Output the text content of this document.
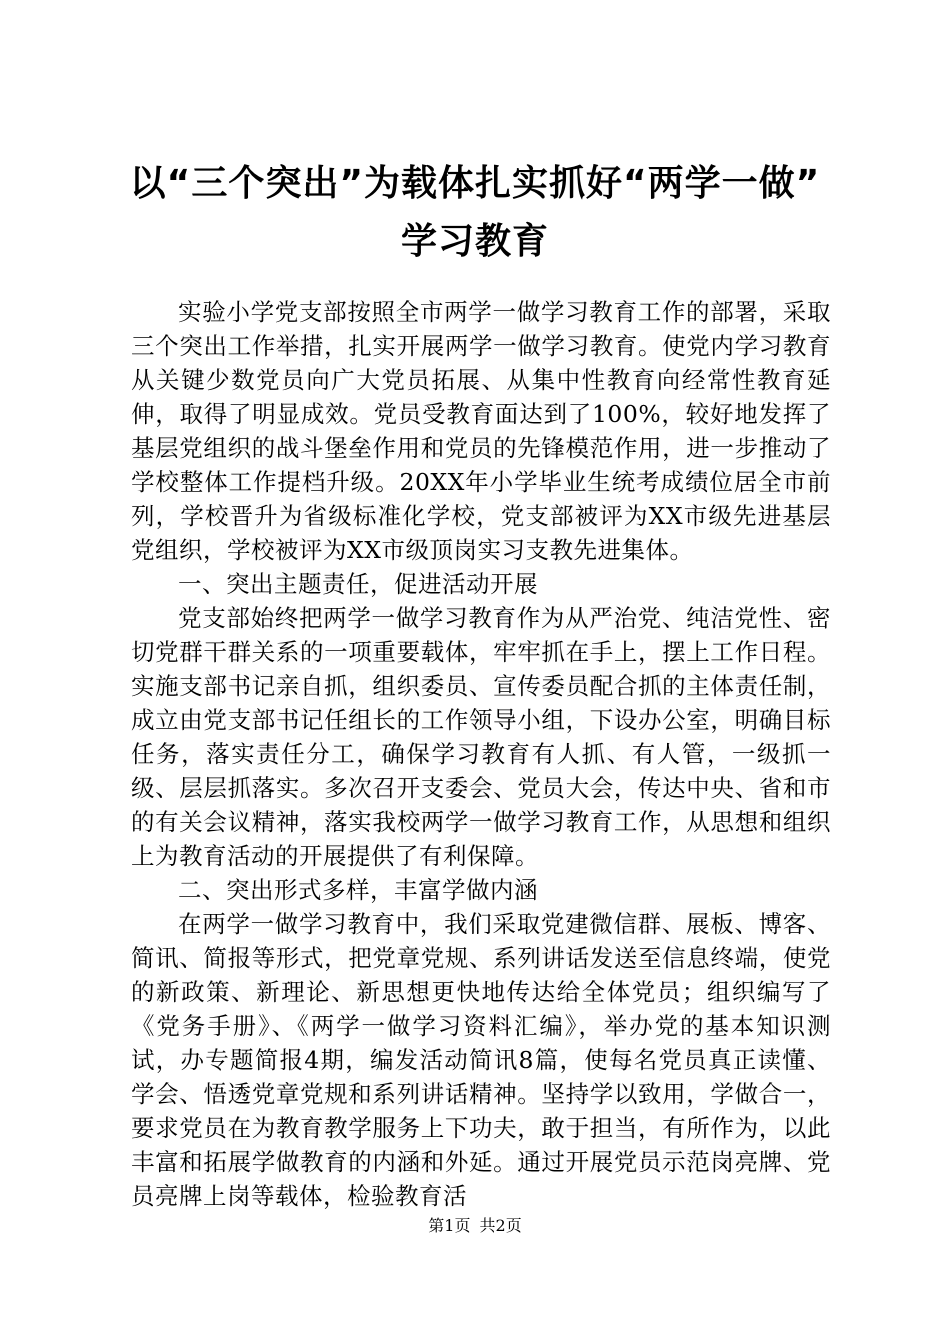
以“三个突出”为载体扎实抓好“两学一做”
学习教育

实验小学党支部按照全市两学一做学习教育工作的部署，采取三个突出工作举措，扎实开展两学一做学习教育。使党内学习教育从关键少数党员向广大党员拓展、从集中性教育向经常性教育延伸，取得了明显成效。党员受教育面达到了100%，较好地发挥了基层党组织的战斗堡垒作用和党员的先锋模范作用，进一步推动了学校整体工作提档升级。20XX年小学毕业生统考成绩位居全市前列，学校晋升为省级标准化学校，党支部被评为XX市级先进基层党组织，学校被评为XX市级顶岗实习支教先进集体。

一、突出主题责任，促进活动开展

党支部始终把两学一做学习教育作为从严治党、纯洁党性、密切党群干群关系的一项重要载体，牢牢抓在手上，摆上工作日程。实施支部书记亲自抓，组织委员、宣传委员配合抓的主体责任制，成立由党支部书记任组长的工作领导小组，下设办公室，明确目标任务，落实责任分工，确保学习教育有人抓、有人管，一级抓一级、层层抓落实。多次召开支委会、党员大会，传达中央、省和市的有关会议精神，落实我校两学一做学习教育工作，从思想和组织上为教育活动的开展提供了有利保障。

二、突出形式多样，丰富学做内涵

在两学一做学习教育中，我们采取党建微信群、展板、博客、简讯、简报等形式，把党章党规、系列讲话发送至信息终端，使党的新政策、新理论、新思想更快地传达给全体党员；组织编写了《党务手册》、《两学一做学习资料汇编》，举办党的基本知识测试，办专题简报4期，编发活动简讯8篇，使每名党员真正读懂、学会、悟透党章党规和系列讲话精神。坚持学以致用，学做合一，要求党员在为教育教学服务上下功夫，敢于担当，有所作为，以此丰富和拓展学做教育的内涵和外延。通过开展党员示范岗亮牌、党员亮牌上岗等载体，检验教育活

第1页 共2页
